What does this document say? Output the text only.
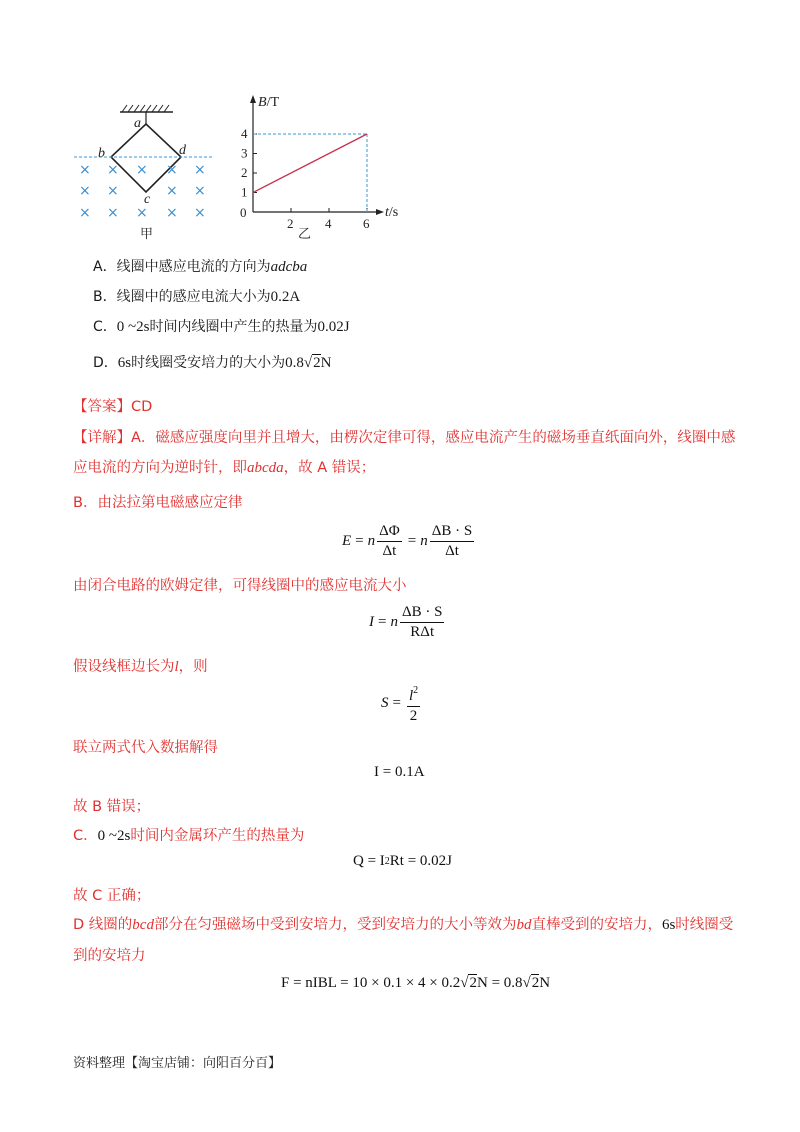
a
b	d
c
× × × × ×
× ×	× ×
× × × × ×
甲
B/T
t/s
0
2 4 6
1
2
3
4
乙
A．线圈中感应电流的方向为adcba
B．线圈中的感应电流大小为0.2A
C．0 ~2s时间内线圈中产生的热量为0.02J
D．6s时线圈受安培力的大小为0.8√2N
【答案】CD
【详解】A．磁感应强度向里并且增大，由楞次定律可得，感应电流产生的磁场垂直纸面向外，线圈中感
应电流的方向为逆时针，即abcda，故 A 错误；
B．由法拉第电磁感应定律
E = n $\frac{\Delta\Phi}{\Delta t} = n \frac{\Delta B \cdot S}{\Delta t}$
由闭合电路的欧姆定律，可得线圈中的感应电流大小
I = n $\frac{\Delta B \cdot S}{\text{RΔt}}$
假设线框边长为l，则
$S = \frac{l^2}{2}$
联立两式代入数据解得
I = 0.1A
故 B 错误；
C．0 ~2s时间内金属环产生的热量为
Q = I 2 Rt = 0.02J
故 C 正确；
D 线圈的bcd部分在匀强磁场中受到安培力，受到安培力的大小等效为bd直棒受到的安培力，6s时线圈受
到的安培力
F = nIBL = 10 × 0.1 × 4 × 0.2 √2 N = 0.8 √2 N
资料整理【淘宝店铺：向阳百分百】
